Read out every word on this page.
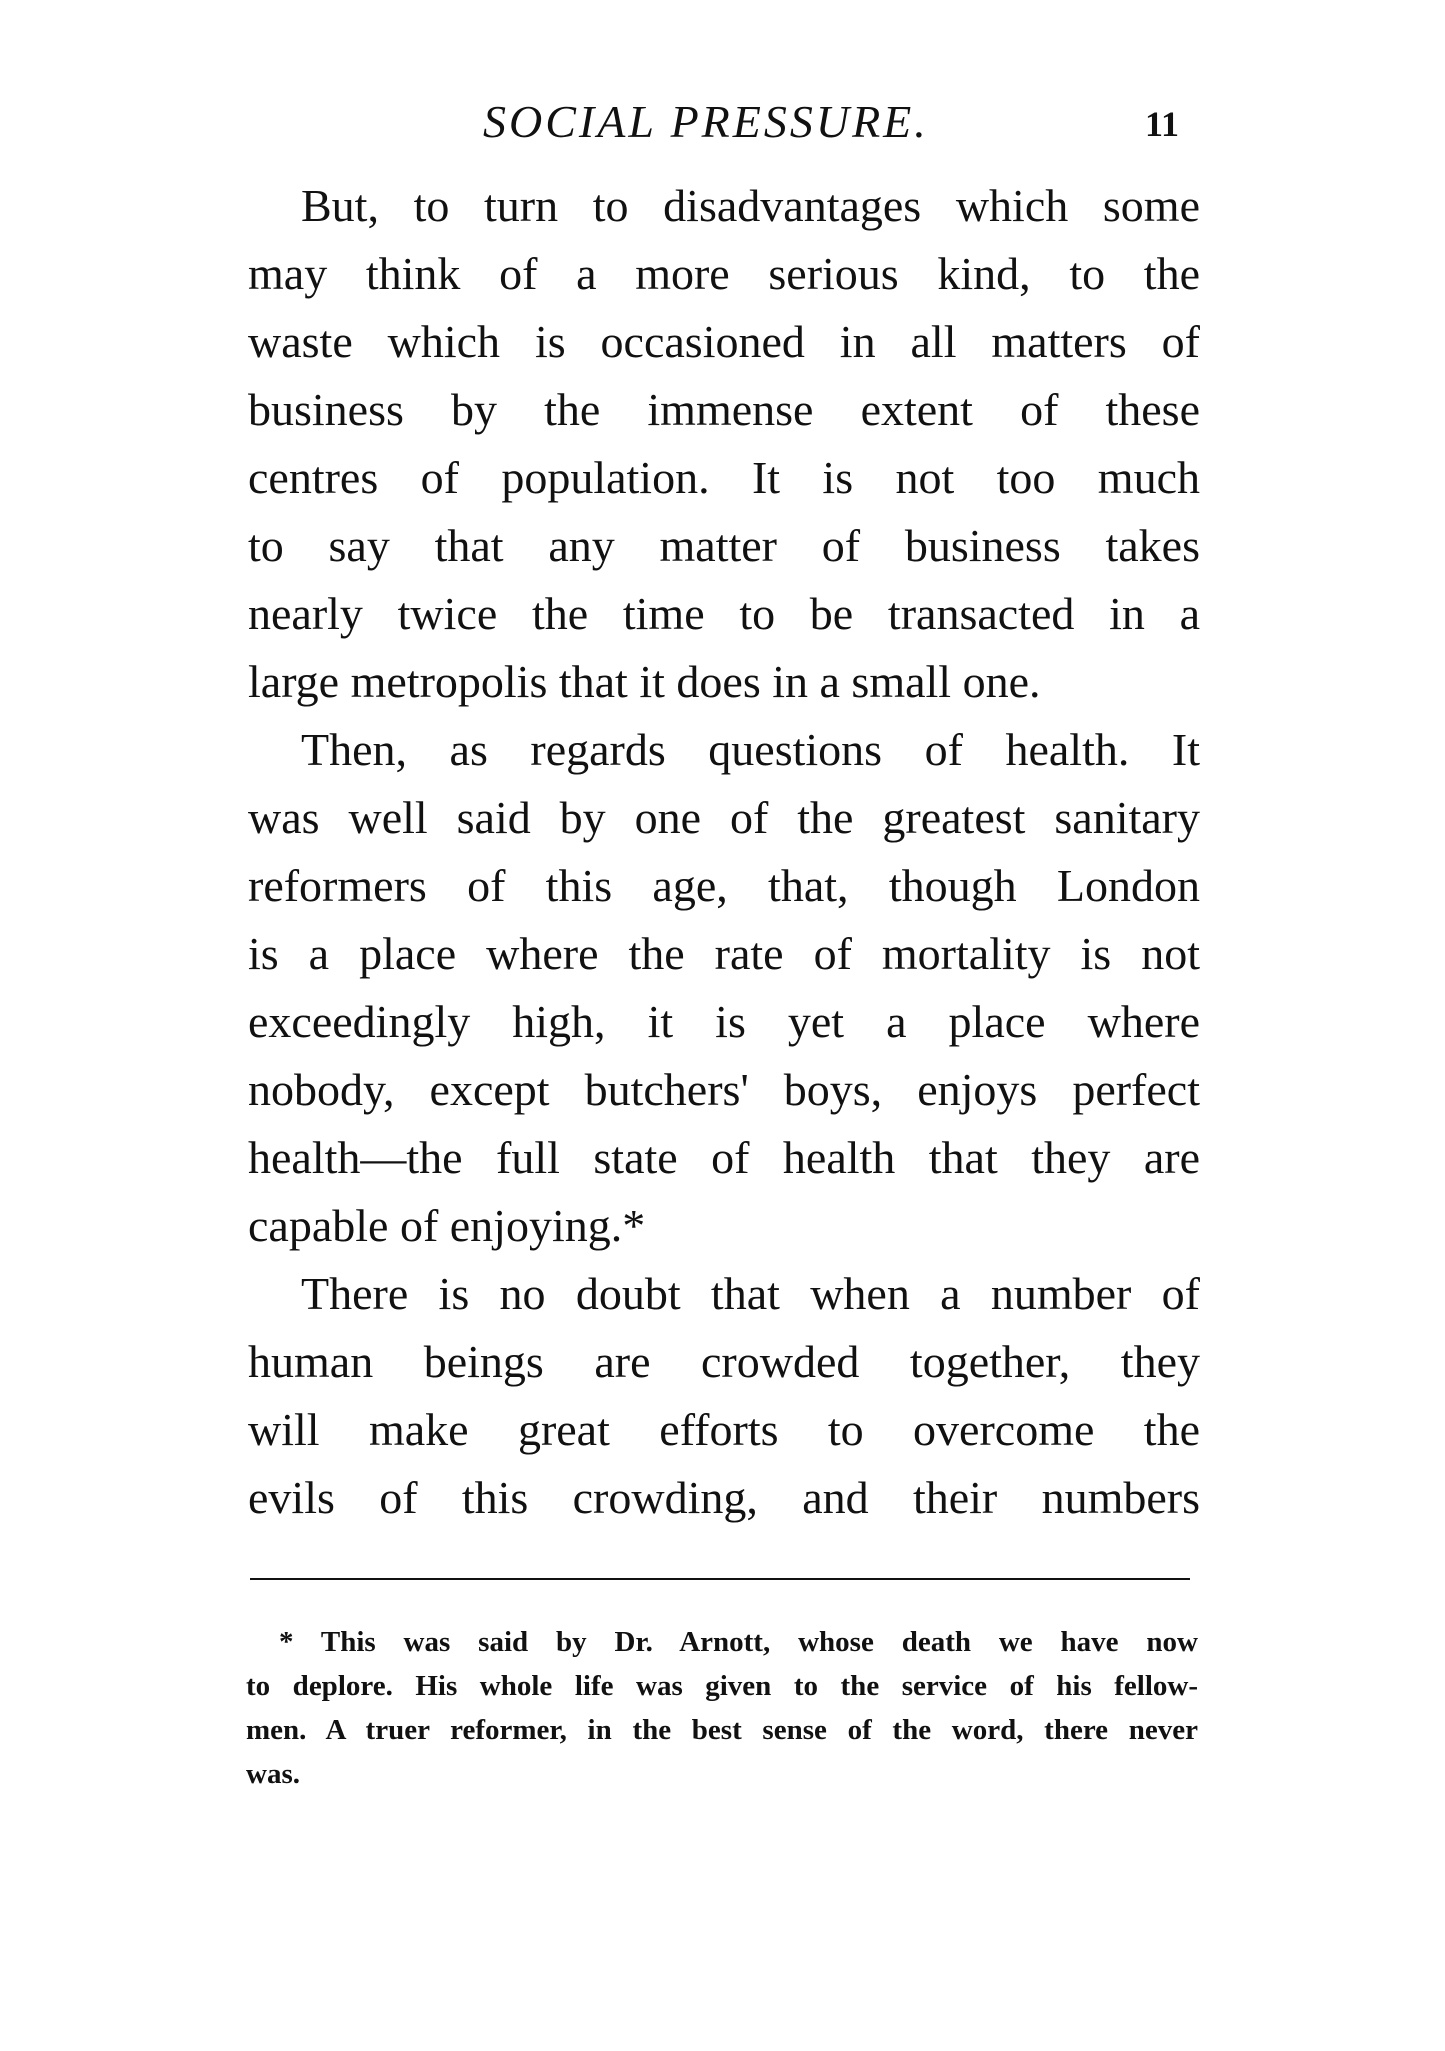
SOCIAL PRESSURE.	11
But, to turn to disadvantages which some
may think of a more serious kind, to the
waste which is occasioned in all matters of
business by the immense extent of these
centres of population. It is not too much
to say that any matter of business takes
nearly twice the time to be transacted in a
large metropolis that it does in a small one.
Then, as regards questions of health. It
was well said by one of the greatest sanitary
reformers of this age, that, though London
is a place where the rate of mortality is not
exceedingly high, it is yet a place where
nobody, except butchers' boys, enjoys perfect
health—the full state of health that they are
capable of enjoying.*
There is no doubt that when a number of
human beings are crowded together, they
will make great efforts to overcome the
evils of this crowding, and their numbers
* This was said by Dr. Arnott, whose death we have now
to deplore. His whole life was given to the service of his fellow-
men. A truer reformer, in the best sense of the word, there never
was.
